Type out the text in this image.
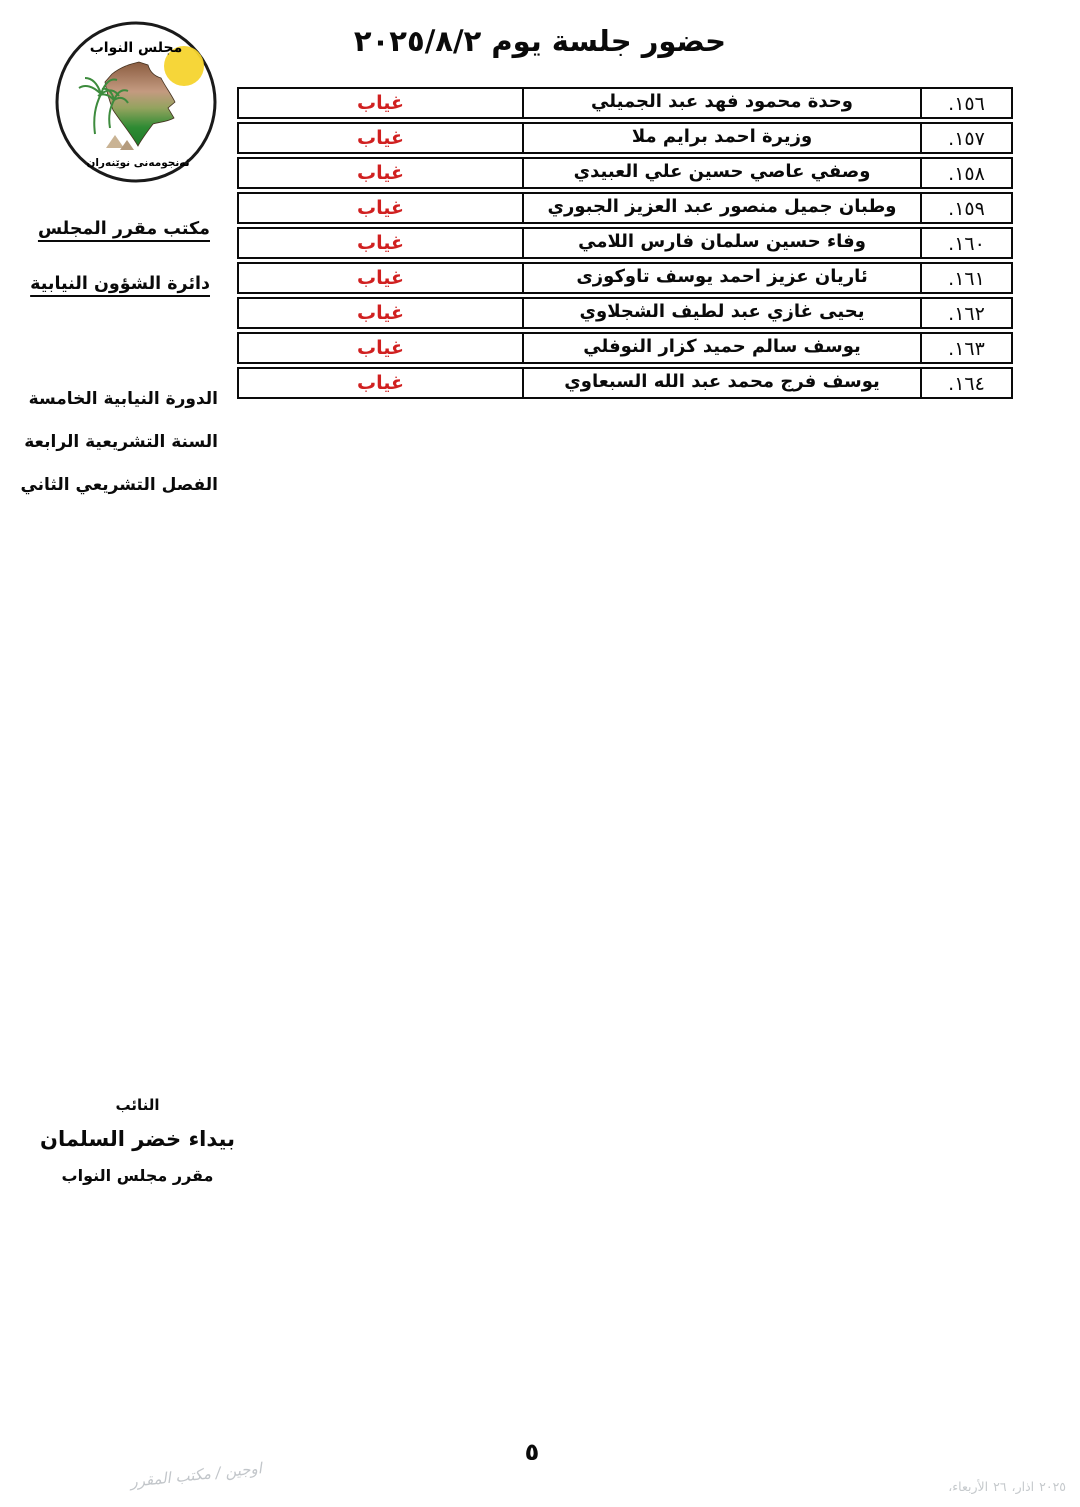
مجلس النواب
ئەنجومەنی نوێنەران
حضور جلسة يوم ٢٠٢٥/٨/٢
١٥٦.
وحدة محمود فهد عبد الجميلي
غياب
١٥٧.
وزيرة احمد برايم ملا
غياب
١٥٨.
وصفي عاصي حسين علي العبيدي
غياب
١٥٩.
وطبان جميل منصور عبد العزيز الجبوري
غياب
١٦٠.
وفاء حسين سلمان فارس اللامي
غياب
١٦١.
ئاريان عزيز احمد يوسف تاوكوزى
غياب
١٦٢.
يحيى غازي عبد لطيف الشجلاوي
غياب
١٦٣.
يوسف سالم حميد كزار النوفلي
غياب
١٦٤.
يوسف فرج محمد عبد الله السبعاوي
غياب
مكتب مقرر المجلس
دائرة الشؤون النيابية
الدورة النيابية الخامسة
السنة التشريعية الرابعة
الفصل التشريعي الثاني
النائب
بيداء خضر السلمان
مقرر مجلس النواب
٥
اوجين / مكتب المقرر	الأربعاء، ٢٦ اذار، ٢٠٢٥
